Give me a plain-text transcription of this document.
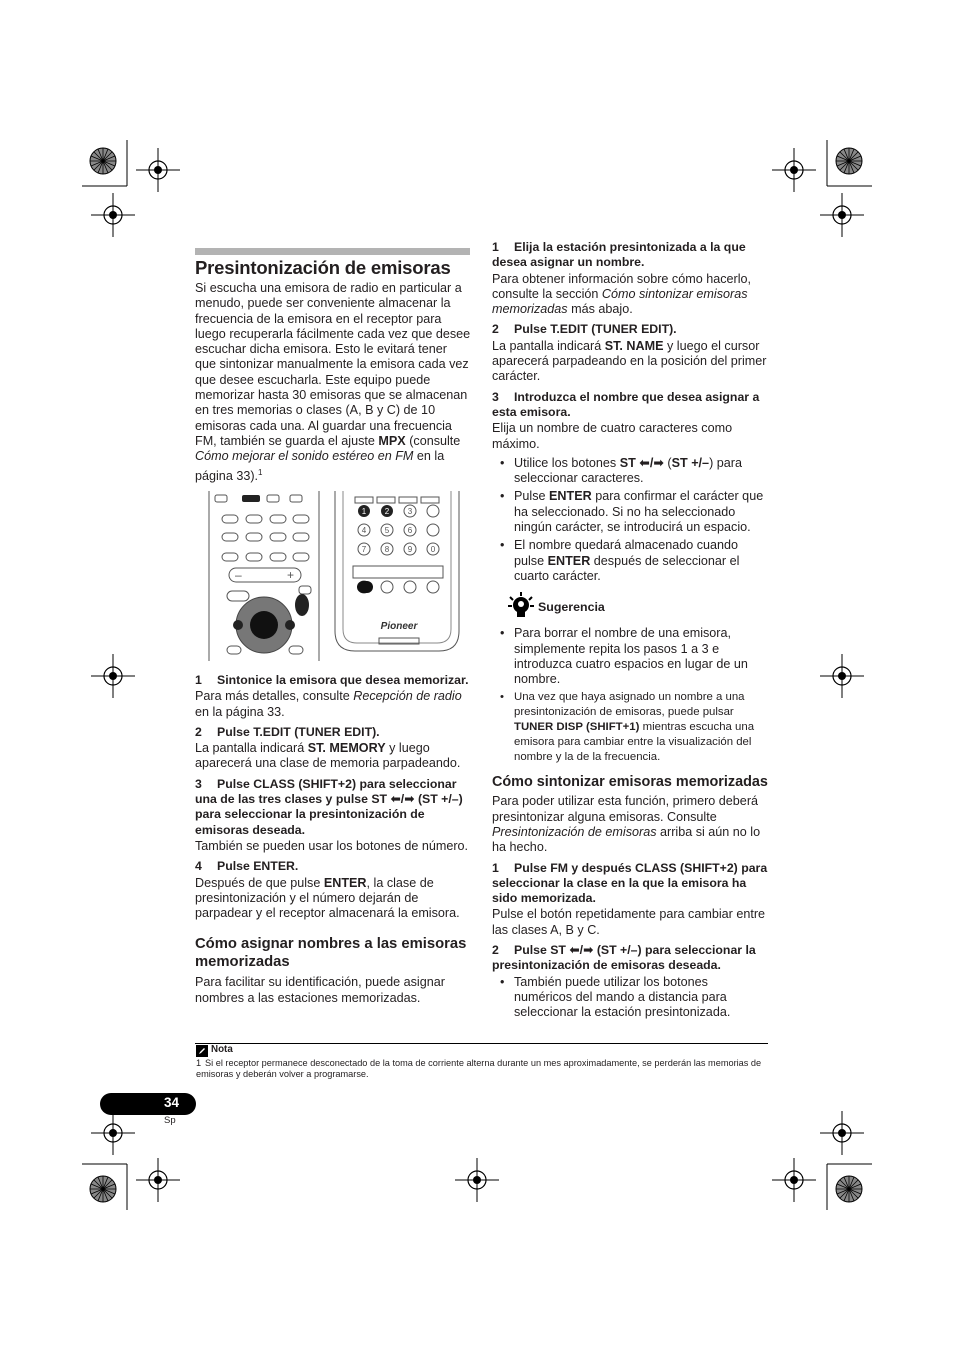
Presintonización de emisoras
Si escucha una emisora de radio en particular a menudo, puede ser conveniente almacenar la frecuencia de la emisora en el receptor para luego recuperarla fácilmente cada vez que desee escuchar dicha emisora. Esto le evitará tener que sintonizar manualmente la emisora cada vez que desee escucharla. Este equipo puede memorizar hasta 30 emisoras que se almacenan en tres memorias o clases (A, B y C) de 10 emisoras cada una. Al guardar una frecuencia FM, también se guarda el ajuste MPX (consulte Cómo mejorar el sonido estéreo en FM en la página 33).$^1$
–	+
3
4 5 6
7 8 9 0
1 2
Pioneer
1 Sintonice la emisora que desea memorizar.
Para más detalles, consulte Recepción de radio en la página 33.
2 Pulse T.EDIT (TUNER EDIT).
La pantalla indicará ST. MEMORY y luego aparecerá una clase de memoria parpadeando.
3 Pulse CLASS (SHIFT+2) para seleccionar una de las tres clases y pulse ST ⬅/➡ (ST +/–) para seleccionar la presintonización de emisoras deseada.
También se pueden usar los botones de número.
4 Pulse ENTER.
Después de que pulse ENTER, la clase de presintonización y el número dejarán de parpadear y el receptor almacenará la emisora.
Cómo asignar nombres a las emisoras memorizadas
Para facilitar su identificación, puede asignar nombres a las estaciones memorizadas.
1 Elija la estación presintonizada a la que desea asignar un nombre.
Para obtener información sobre cómo hacerlo, consulte la sección Cómo sintonizar emisoras memorizadas más abajo.
2 Pulse T.EDIT (TUNER EDIT).
La pantalla indicará ST. NAME y luego el cursor aparecerá parpadeando en la posición del primer carácter.
3 Introduzca el nombre que desea asignar a esta emisora.
Elija un nombre de cuatro caracteres como máximo.
• Utilice los botones ST ⬅/➡ (ST +/–) para seleccionar caracteres.
• Pulse ENTER para confirmar el carácter que ha seleccionado. Si no ha seleccionado ningún carácter, se introducirá un espacio.
• El nombre quedará almacenado cuando pulse ENTER después de seleccionar el cuarto carácter.
Sugerencia
• Para borrar el nombre de una emisora, simplemente repita los pasos 1 a 3 e introduzca cuatro espacios en lugar de un nombre.
• Una vez que haya asignado un nombre a una presintonización de emisoras, puede pulsar TUNER DISP (SHIFT+1) mientras escucha una emisora para cambiar entre la visualización del nombre y la de la frecuencia.
Cómo sintonizar emisoras memorizadas
Para poder utilizar esta función, primero deberá presintonizar alguna emisoras. Consulte Presintonización de emisoras arriba si aún no lo ha hecho.
1 Pulse FM y después CLASS (SHIFT+2) para seleccionar la clase en la que la emisora ha sido memorizada.
Pulse el botón repetidamente para cambiar entre las clases A, B y C.
2 Pulse ST ⬅/➡ (ST +/–) para seleccionar la presintonización de emisoras deseada.
• También puede utilizar los botones numéricos del mando a distancia para seleccionar la estación presintonizada.
Nota
1 Si el receptor permanece desconectado de la toma de corriente alterna durante un mes aproximadamente, se perderán las memorias de emisoras y deberán volver a programarse.
34
Sp
